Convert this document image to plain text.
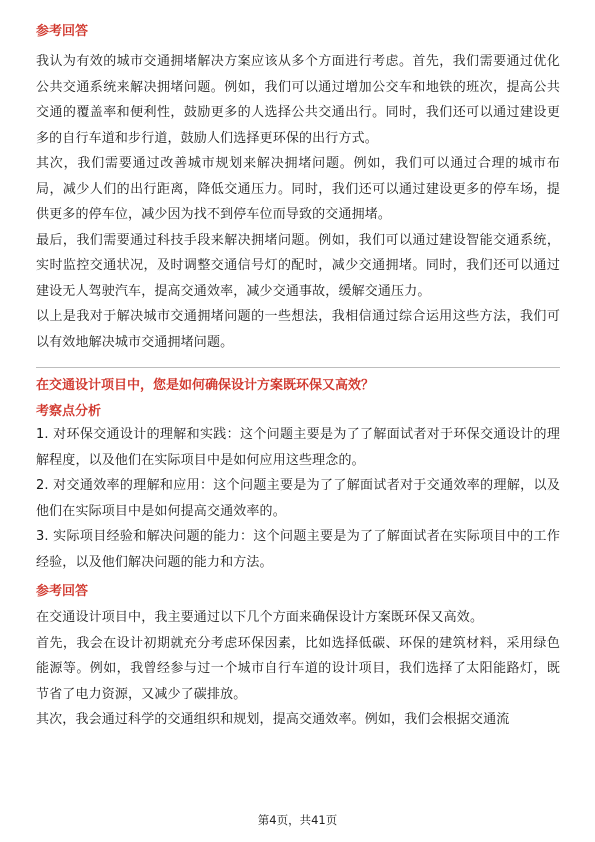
参考回答

我认为有效的城市交通拥堵解决方案应该从多个方面进行考虑。首先，我们需要通过优化公共交通系统来解决拥堵问题。例如，我们可以通过增加公交车和地铁的班次，提高公共交通的覆盖率和便利性，鼓励更多的人选择公共交通出行。同时，我们还可以通过建设更多的自行车道和步行道，鼓励人们选择更环保的出行方式。

其次，我们需要通过改善城市规划来解决拥堵问题。例如，我们可以通过合理的城市布局，减少人们的出行距离，降低交通压力。同时，我们还可以通过建设更多的停车场，提供更多的停车位，减少因为找不到停车位而导致的交通拥堵。

最后，我们需要通过科技手段来解决拥堵问题。例如，我们可以通过建设智能交通系统，实时监控交通状况，及时调整交通信号灯的配时，减少交通拥堵。同时，我们还可以通过建设无人驾驶汽车，提高交通效率，减少交通事故，缓解交通压力。

以上是我对于解决城市交通拥堵问题的一些想法，我相信通过综合运用这些方法，我们可以有效地解决城市交通拥堵问题。

在交通设计项目中，您是如何确保设计方案既环保又高效？
考察点分析

1. 对环保交通设计的理解和实践：这个问题主要是为了了解面试者对于环保交通设计的理解程度，以及他们在实际项目中是如何应用这些理念的。

2. 对交通效率的理解和应用：这个问题主要是为了了解面试者对于交通效率的理解，以及他们在实际项目中是如何提高交通效率的。

3. 实际项目经验和解决问题的能力：这个问题主要是为了了解面试者在实际项目中的工作经验，以及他们解决问题的能力和方法。

参考回答

在交通设计项目中，我主要通过以下几个方面来确保设计方案既环保又高效。

首先，我会在设计初期就充分考虑环保因素，比如选择低碳、环保的建筑材料，采用绿色能源等。例如，我曾经参与过一个城市自行车道的设计项目，我们选择了太阳能路灯，既节省了电力资源，又减少了碳排放。

其次，我会通过科学的交通组织和规划，提高交通效率。例如，我们会根据交通流

第4页，共41页
